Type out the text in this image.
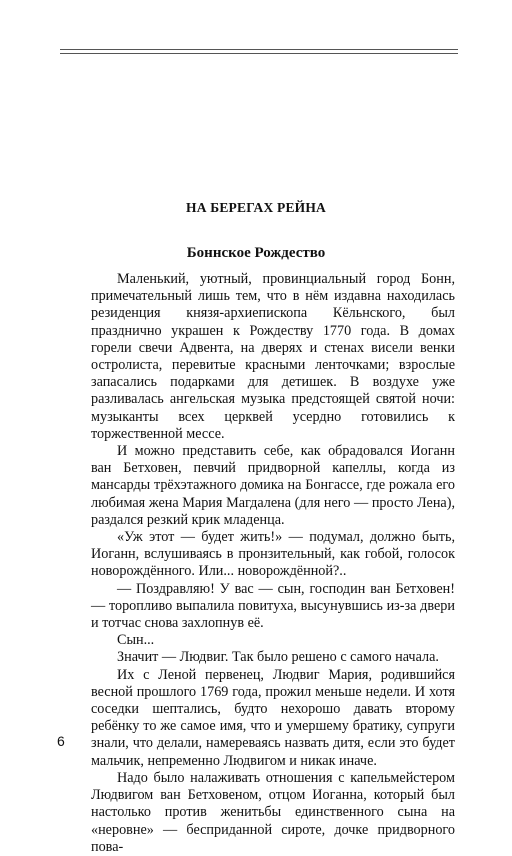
НА БЕРЕГАХ РЕЙНА
Боннское Рождество

Маленький, уютный, провинциальный город Бонн, примечательный лишь тем, что в нём издавна находилась резиденция князя-архиепископа Кёльнского, был празднично украшен к Рождеству 1770 года. В домах горели свечи Адвента, на дверях и стенах висели венки остролиста, перевитые красными ленточками; взрослые запасались подарками для детишек. В воздухе уже разливалась ангельская музыка предстоящей святой ночи: музыканты всех церквей усердно готовились к торжественной мессе.

И можно представить себе, как обрадовался Иоганн ван Бетховен, певчий придворной капеллы, когда из мансарды трёхэтажного домика на Бонгассе, где рожала его любимая жена Мария Магдалена (для него — просто Лена), раздался резкий крик младенца.

«Уж этот — будет жить!» — подумал, должно быть, Иоганн, вслушиваясь в пронзительный, как гобой, голосок новорождённого. Или... новорождённой?..

— Поздравляю! У вас — сын, господин ван Бетховен! — торопливо выпалила повитуха, высунувшись из-за двери и тотчас снова захлопнув её.

Сын...

Значит — Людвиг. Так было решено с самого начала.

Их с Леной первенец, Людвиг Мария, родившийся весной прошлого 1769 года, прожил меньше недели. И хотя соседки шептались, будто нехорошо давать второму ребёнку то же самое имя, что и умершему братику, супруги знали, что делали, намереваясь назвать дитя, если это будет мальчик, непременно Людвигом и никак иначе.

Надо было налаживать отношения с капельмейстером Людвигом ван Бетховеном, отцом Иоганна, который был настолько против женитьбы единственного сына на «неровне» — бесприданной сироте, дочке придворного пова-

6
